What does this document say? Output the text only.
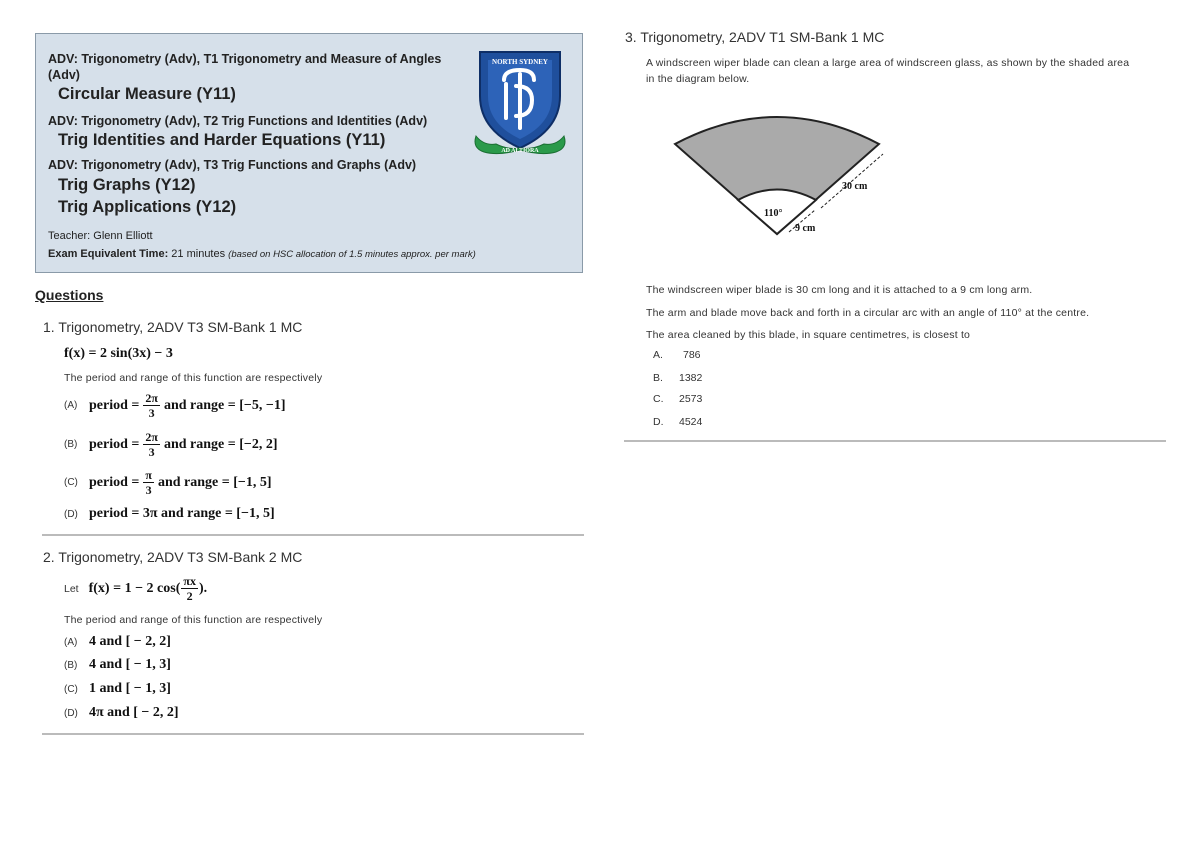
ADV: Trigonometry (Adv), T1 Trigonometry and Measure of Angles
(Adv)
Circular Measure (Y11)
ADV: Trigonometry (Adv), T2 Trig Functions and Identities (Adv)
Trig Identities and Harder Equations (Y11)
ADV: Trigonometry (Adv), T3 Trig Functions and Graphs (Adv)
Trig Graphs (Y12)
Trig Applications (Y12)
Teacher: Glenn Elliott
Exam Equivalent Time: 21 minutes (based on HSC allocation of 1.5 minutes approx. per mark)
NORTH SYDNEY
AD ALTIORA
Questions
1. Trigonometry, 2ADV T3 SM-Bank 1 MC
f(x) = 2 sin(3x) − 3
The period and range of this function are respectively
(A) period = $\frac{2\pi}{3}$ and range = [−5, −1]
(B) period = $\frac{2\pi}{3}$ and range = [−2, 2]
(C) period = $\frac{\pi}{3}$ and range = [−1, 5]
(D) period = 3π and range = [−1, 5]
2. Trigonometry, 2ADV T3 SM-Bank 2 MC
Let f(x) = 1 − 2 $\cos( \frac{\pi x}{2}$ ).
The period and range of this function are respectively
(A) 4 and [ − 2, 2]
(B) 4 and [ − 1, 3]
(C) 1 and [ − 1, 3]
(D) 4π and [ − 2, 2]
3. Trigonometry, 2ADV T1 SM-Bank 1 MC
A windscreen wiper blade can clean a large area of windscreen glass, as shown by the shaded area
in the diagram below.
110°
30 cm
9 cm
The windscreen wiper blade is 30 cm long and it is attached to a 9 cm long arm.
The arm and blade move back and forth in a circular arc with an angle of 110° at the centre.
The area cleaned by this blade, in square centimetres, is closest to
A. 786
B. 1382
C. 2573
D. 4524
